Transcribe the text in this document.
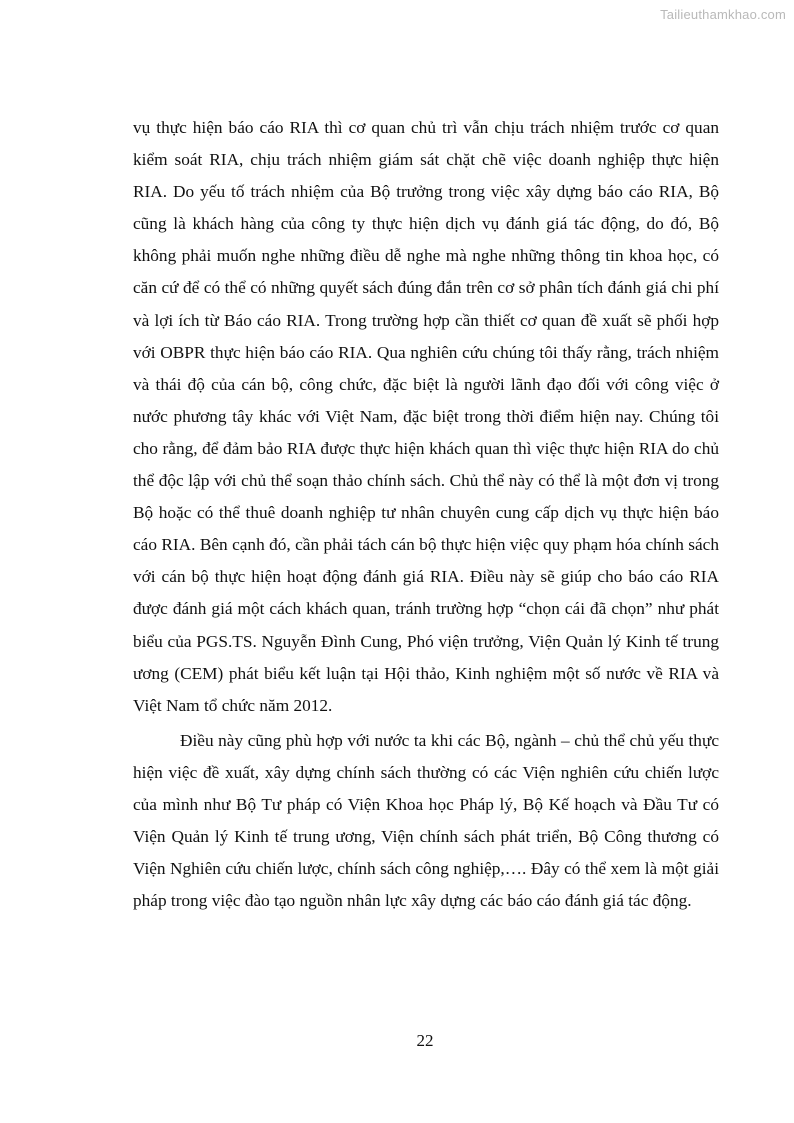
Tailieuthamkhao.com

vụ thực hiện báo cáo RIA thì cơ quan chủ trì vẫn chịu trách nhiệm trước cơ quan kiểm soát RIA, chịu trách nhiệm giám sát chặt chẽ việc doanh nghiệp thực hiện RIA. Do yếu tố trách nhiệm của Bộ trưởng trong việc xây dựng báo cáo RIA, Bộ cũng là khách hàng của công ty thực hiện dịch vụ đánh giá tác động, do đó, Bộ không phải muốn nghe những điều dễ nghe mà nghe những thông tin khoa học, có căn cứ để có thể có những quyết sách đúng đắn trên cơ sở phân tích đánh giá chi phí và lợi ích từ Báo cáo RIA. Trong trường hợp cần thiết cơ quan đề xuất sẽ phối hợp với OBPR thực hiện báo cáo RIA. Qua nghiên cứu chúng tôi thấy rằng, trách nhiệm và thái độ của cán bộ, công chức, đặc biệt là người lãnh đạo đối với công việc ở nước phương tây khác với Việt Nam, đặc biệt trong thời điểm hiện nay. Chúng tôi cho rằng, để đảm bảo RIA được thực hiện khách quan thì việc thực hiện RIA do chủ thể độc lập với chủ thể soạn thảo chính sách. Chủ thể này có thể là một đơn vị trong Bộ hoặc có thể thuê doanh nghiệp tư nhân chuyên cung cấp dịch vụ thực hiện báo cáo RIA. Bên cạnh đó, cần phải tách cán bộ thực hiện việc quy phạm hóa chính sách với cán bộ thực hiện hoạt động đánh giá RIA. Điều này sẽ giúp cho báo cáo RIA được đánh giá một cách khách quan, tránh trường hợp “chọn cái đã chọn” như phát biểu của PGS.TS. Nguyễn Đình Cung, Phó viện trưởng, Viện Quản lý Kinh tế trung ương (CEM) phát biểu kết luận tại Hội thảo, Kinh nghiệm một số nước về RIA và Việt Nam tổ chức năm 2012.

Điều này cũng phù hợp với nước ta khi các Bộ, ngành – chủ thể chủ yếu thực hiện việc đề xuất, xây dựng chính sách thường có các Viện nghiên cứu chiến lược của mình như Bộ Tư pháp có Viện Khoa học Pháp lý, Bộ Kế hoạch và Đầu Tư có Viện Quản lý Kinh tế trung ương, Viện chính sách phát triển, Bộ Công thương có Viện Nghiên cứu chiến lược, chính sách công nghiệp,…. Đây có thể xem là một giải pháp trong việc đào tạo nguồn nhân lực xây dựng các báo cáo đánh giá tác động.

22
